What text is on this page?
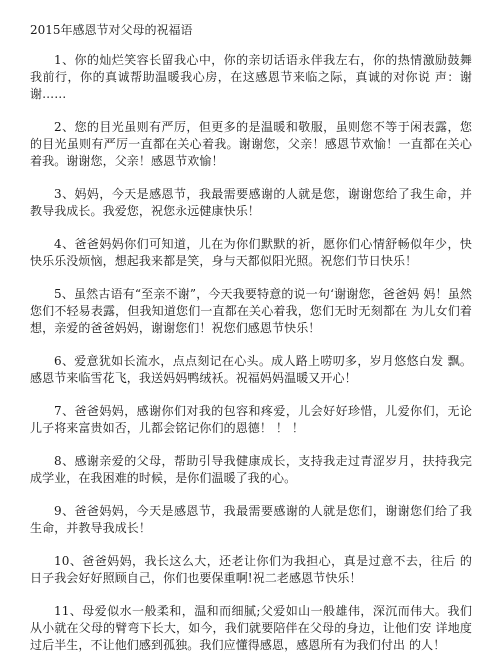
2015年感恩节对父母的祝福语

1、你的灿烂笑容长留我心中，你的亲切话语永伴我左右，你的热情激励鼓舞我前行，你的真诚帮助温暖我心房，在这感恩节来临之际，真诚的对你说 声：谢谢……

2、您的目光虽则有严厉，但更多的是温暖和敬服，虽则您不等于闲表露，您的目光虽则有严厉一直都在关心着我。谢谢您，父亲！感恩节欢愉！一直都在关心着我。谢谢您，父亲！感恩节欢愉！

3、妈妈，今天是感恩节，我最需要感谢的人就是您，谢谢您给了我生命，并教导我成长。我爱您，祝您永远健康快乐！

4、爸爸妈妈你们可知道，儿在为你们默默的祈，愿你们心情舒畅似年少，快快乐乐没烦恼，想起我来都是笑，身与天都似阳光照。祝您们节日快乐！

5、虽然古语有“至亲不谢”，今天我要特意的说一句‘谢谢您，爸爸妈 妈！虽然您们不轻易表露，但我知道您们一直都在关心着我，您们无时无刻都在 为儿女们着想，亲爱的爸爸妈妈，谢谢您们！祝您们感恩节快乐！

6、爱意犹如长流水，点点刻记在心头。成人路上唠叨多，岁月悠悠白发 飘。感恩节来临雪花飞，我送妈妈鸭绒袄。祝福妈妈温暖又开心！

7、爸爸妈妈，感谢你们对我的包容和疼爱，儿会好好珍惜，儿爱你们，无论儿子将来富贵如否，儿都会铭记你们的恩德！ ！ ！

8、感谢亲爱的父母，帮助引导我健康成长，支持我走过青涩岁月，扶持我完成学业，在我困难的时候，是你们温暖了我的心。

9、爸爸妈妈，今天是感恩节，我最需要感谢的人就是您们，谢谢您们给了我生命，并教导我成长！

10、爸爸妈妈，我长这么大，还老让你们为我担心，真是过意不去，往后 的日子我会好好照顾自己，你们也要保重啊!祝二老感恩节快乐！

11、母爱似水一般柔和，温和而细腻;父爱如山一般雄伟，深沉而伟大。我们从小就在父母的臂弯下长大，如今，我们就要陪伴在父母的身边，让他们安 详地度过后半生，不让他们感到孤独。我们应懂得感恩，感恩所有为我们付出 的人！
